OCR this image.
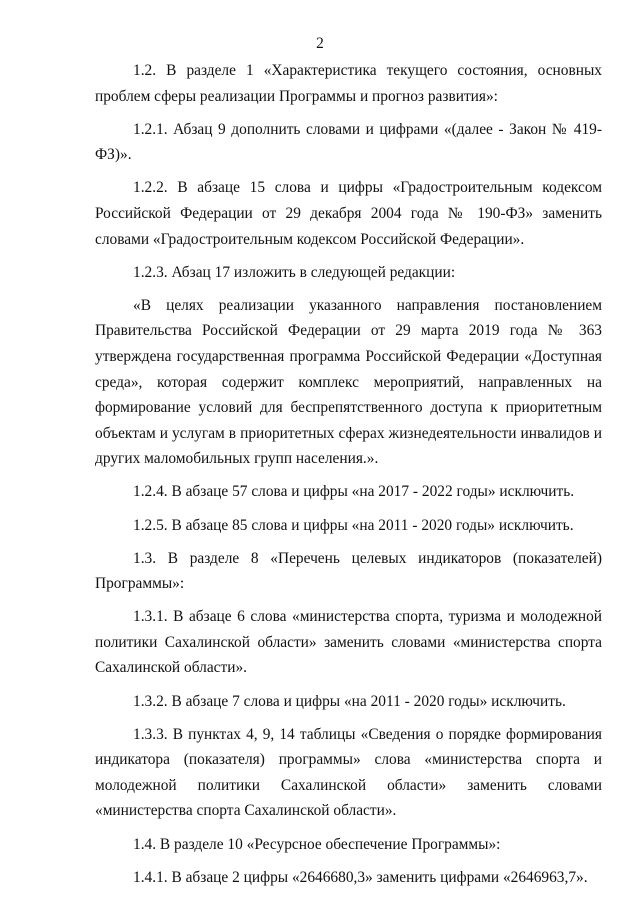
2

1.2. В разделе 1 «Характеристика текущего состояния, основных проблем сферы реализации Программы и прогноз развития»:

1.2.1. Абзац 9 дополнить словами и цифрами «(далее - Закон № 419-ФЗ)».

1.2.2. В абзаце 15 слова и цифры «Градостроительным кодексом Российской Федерации от 29 декабря 2004 года № 190-ФЗ» заменить словами «Градостроительным кодексом Российской Федерации».

1.2.3. Абзац 17 изложить в следующей редакции:

«В целях реализации указанного направления постановлением Правительства Российской Федерации от 29 марта 2019 года № 363 утверждена государственная программа Российской Федерации «Доступная среда», которая содержит комплекс мероприятий, направленных на формирование условий для беспрепятственного доступа к приоритетным объектам и услугам в приоритетных сферах жизнедеятельности инвалидов и других маломобильных групп населения.».

1.2.4. В абзаце 57 слова и цифры «на 2017 - 2022 годы» исключить.

1.2.5. В абзаце 85 слова и цифры «на 2011 - 2020 годы» исключить.

1.3. В разделе 8 «Перечень целевых индикаторов (показателей) Программы»:

1.3.1. В абзаце 6 слова «министерства спорта, туризма и молодежной политики Сахалинской области» заменить словами «министерства спорта Сахалинской области».

1.3.2. В абзаце 7 слова и цифры «на 2011 - 2020 годы» исключить.

1.3.3. В пунктах 4, 9, 14 таблицы «Сведения о порядке формирования индикатора (показателя) программы» слова «министерства спорта и молодежной политики Сахалинской области» заменить словами «министерства спорта Сахалинской области».

1.4. В разделе 10 «Ресурсное обеспечение Программы»:

1.4.1. В абзаце 2 цифры «2646680,3» заменить цифрами «2646963,7».
